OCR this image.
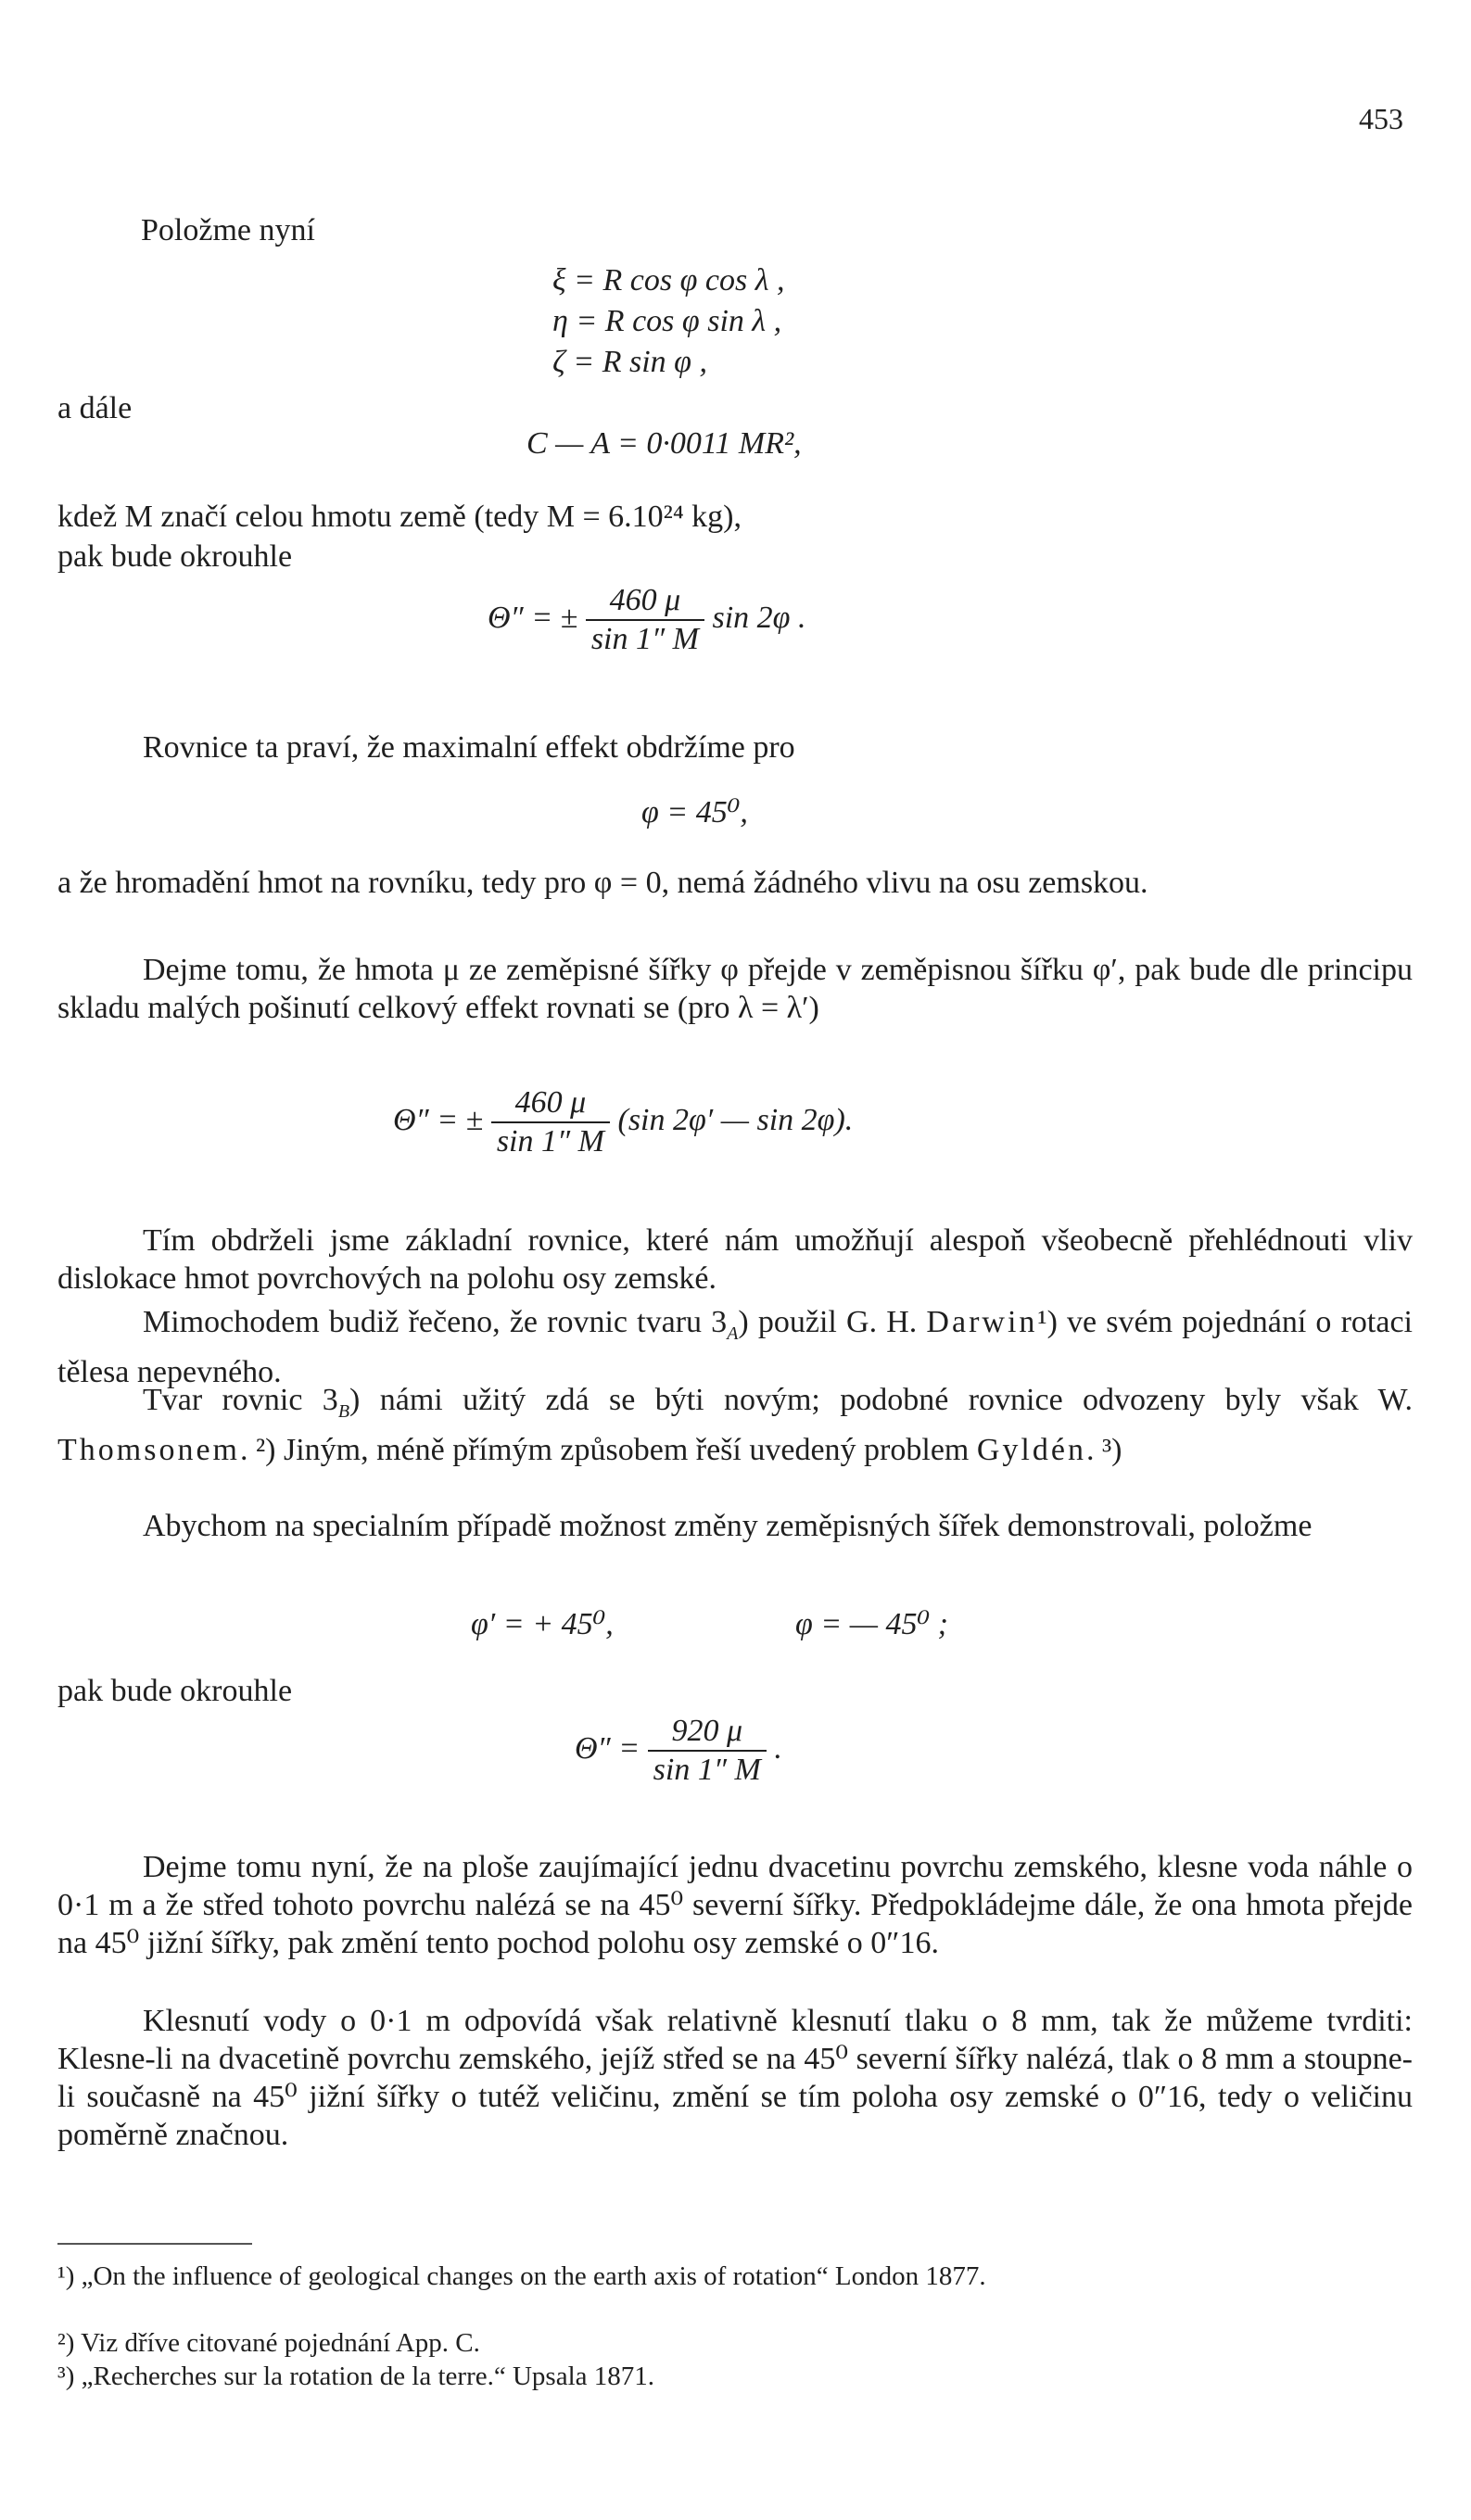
453
Položme nyní
ξ = R cos φ cos λ ,
η = R cos φ sin λ ,
ζ = R sin φ ,
a dále
C — A = 0·0011 MR²,
kdež M značí celou hmotu země (tedy M = 6.10²⁴ kg),
pak bude okrouhle
Θ″ = ± $\frac{460 \mu}{\sin 1'' M}$ sin 2φ .
Rovnice ta praví, že maximalní effekt obdržíme pro
φ = 45⁰,
a že hromadění hmot na rovníku, tedy pro φ = 0, nemá žádného vlivu na osu zemskou.
Dejme tomu, že hmota μ ze zeměpisné šířky φ přejde v zeměpisnou šířku φ′, pak bude dle principu skladu malých pošinutí celkový effekt rovnati se (pro λ = λ′)
Θ″ = ± $\frac{460 \mu}{\sin 1'' M} (\sin$ 2φ′ — sin 2φ).
Tím obdrželi jsme základní rovnice, které nám umožňují alespoň všeobecně přehlédnouti vliv dislokace hmot povrchových na polohu osy zemské.
Mimochodem budiž řečeno, že rovnic tvaru $3_A$) použil G. H. Darwin¹) ve svém pojednání o rotaci tělesa nepevného.
Tvar rovnic $3_B$) námi užitý zdá se býti novým; podobné rovnice odvozeny byly však W. Thomsonem. ²) Jiným, méně přímým způsobem řeší uvedený problem Gyldén. ³)
Abychom na specialním případě možnost změny zeměpisných šířek demonstrovali, položme
φ′ = + 45⁰,	φ = — 45⁰ ;
pak bude okrouhle
$\Theta'' = \frac{920 \mu}{\sin 1'' M}$ .
Dejme tomu nyní, že na ploše zaujímající jednu dvacetinu povrchu zemského, klesne voda náhle o 0·1 m a že střed tohoto povrchu nalézá se na 45⁰ severní šířky. Předpokládejme dále, že ona hmota přejde na 45⁰ jižní šířky, pak změní tento pochod polohu osy zemské o 0″16.
Klesnutí vody o 0·1 m odpovídá však relativně klesnutí tlaku o 8 mm, tak že můžeme tvrditi: Klesne-li na dvacetině povrchu zemského, jejíž střed se na 45⁰ severní šířky nalézá, tlak o 8 mm a stoupne-li současně na 45⁰ jižní šířky o tutéž veličinu, změní se tím poloha osy zemské o 0″16, tedy o veličinu poměrně značnou.
¹) „On the influence of geological changes on the earth axis of rotation“ London 1877.
²) Viz dříve citované pojednání App. C.
³) „Recherches sur la rotation de la terre.“ Upsala 1871.
